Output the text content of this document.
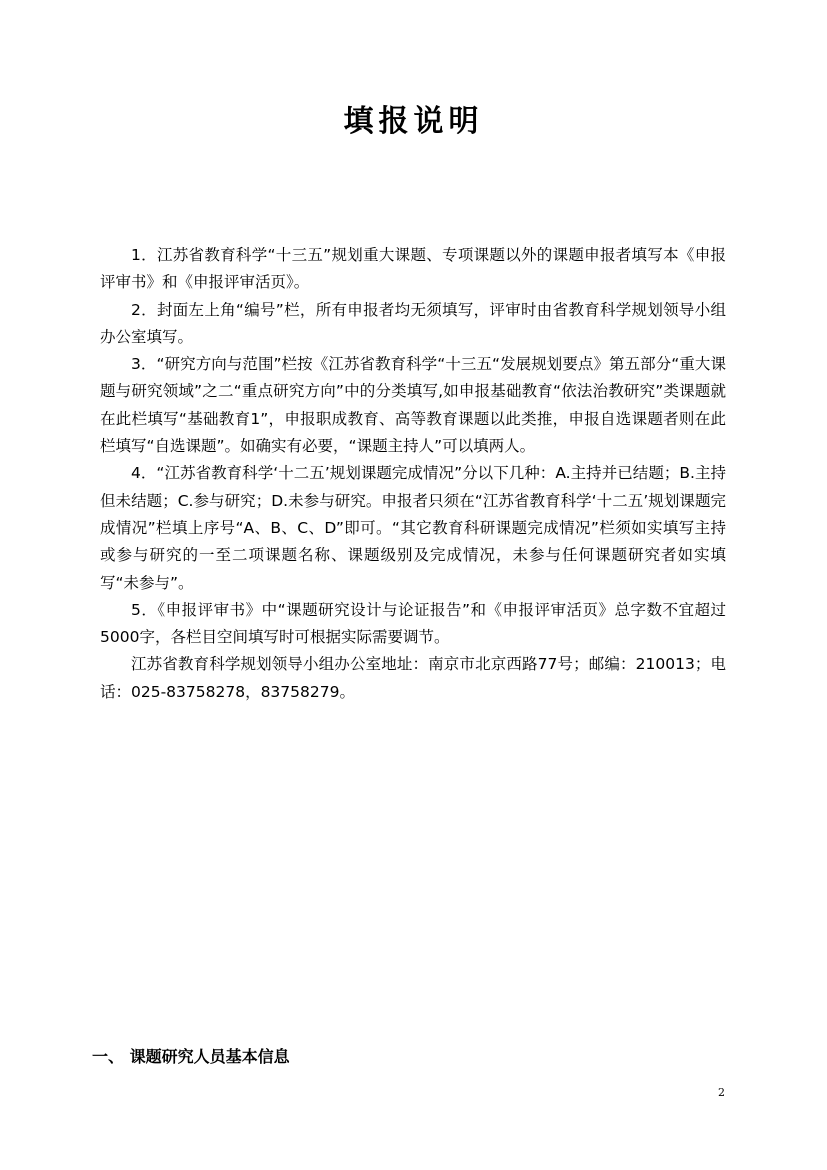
填报说明

1．江苏省教育科学“十三五”规划重大课题、专项课题以外的课题申报者填写本《申报评审书》和《申报评审活页》。

2．封面左上角“编号”栏，所有申报者均无须填写，评审时由省教育科学规划领导小组办公室填写。

3．“研究方向与范围”栏按《江苏省教育科学“十三五“发展规划要点》第五部分“重大课题与研究领域”之二“重点研究方向”中的分类填写,如申报基础教育“依法治教研究”类课题就在此栏填写“基础教育1”，申报职成教育、高等教育课题以此类推，申报自选课题者则在此栏填写“自选课题”。如确实有必要，“课题主持人”可以填两人。

4．“江苏省教育科学‘十二五’规划课题完成情况”分以下几种：A.主持并已结题；B.主持但未结题；C.参与研究；D.未参与研究。申报者只须在“江苏省教育科学‘十二五’规划课题完成情况”栏填上序号“A、B、C、D”即可。“其它教育科研课题完成情况”栏须如实填写主持或参与研究的一至二项课题名称、课题级别及完成情况，未参与任何课题研究者如实填写“未参与”。

5．《申报评审书》中“课题研究设计与论证报告”和《申报评审活页》总字数不宜超过5000字，各栏目空间填写时可根据实际需要调节。

江苏省教育科学规划领导小组办公室地址：南京市北京西路77号；邮编：210013；电话：025-83758278，83758279。

一、 课题研究人员基本信息
2
